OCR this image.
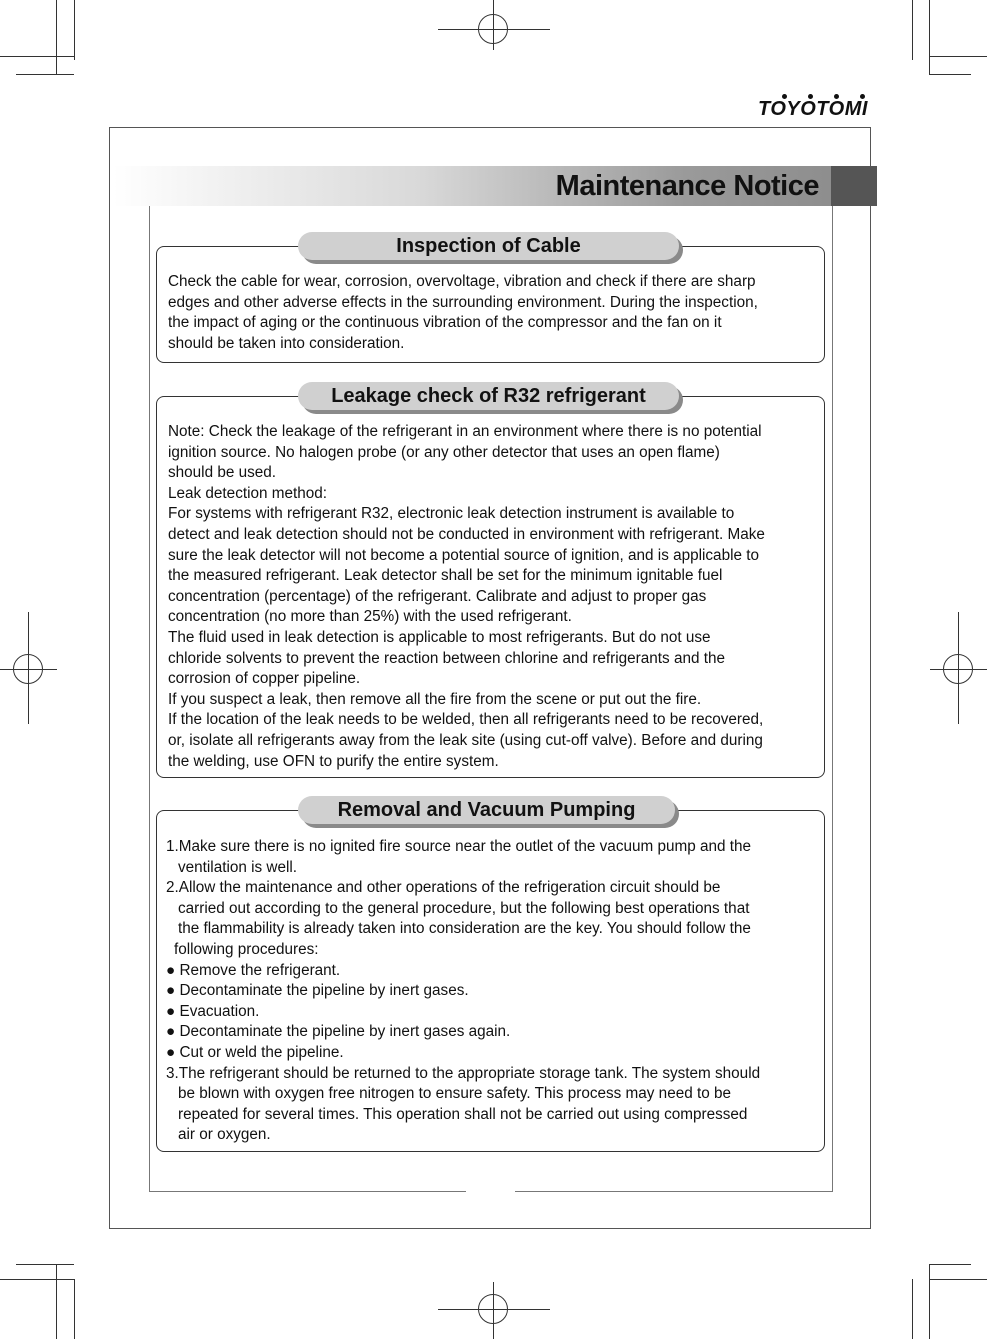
TOYOTOMI
Maintenance Notice
Inspection of Cable
Check the cable for wear, corrosion, overvoltage, vibration and check if there are sharp
edges and other adverse effects in the surrounding environment. During the inspection,
the impact of aging or the continuous vibration of the compressor and the fan on it
should be taken into consideration.
Leakage check of R32 refrigerant
Note: Check the leakage of the refrigerant in an environment where there is no potential
ignition source. No halogen probe (or any other detector that uses an open flame)
should be used.
Leak detection method:
For systems with refrigerant R32, electronic leak detection instrument is available to
detect and leak detection should not be conducted in environment with refrigerant. Make
sure the leak detector will not become a potential source of ignition, and is applicable to
the measured refrigerant. Leak detector shall be set for the minimum ignitable fuel
concentration (percentage) of the refrigerant. Calibrate and adjust to proper gas
concentration (no more than 25%) with the used refrigerant.
The fluid used in leak detection is applicable to most refrigerants. But do not use
chloride solvents to prevent the reaction between chlorine and refrigerants and the
corrosion of copper pipeline.
If you suspect a leak, then remove all the fire from the scene or put out the fire.
If the location of the leak needs to be welded, then all refrigerants need to be recovered,
or, isolate all refrigerants away from the leak site (using cut-off valve). Before and during
the welding, use OFN to purify the entire system.
Removal and Vacuum Pumping
1.Make sure there is no ignited fire source near the outlet of the vacuum pump and the
ventilation is well.
2.Allow the maintenance and other operations of the refrigeration circuit should be
carried out according to the general procedure, but the following best operations that
the flammability is already taken into consideration are the key. You should follow the
following procedures:
● Remove the refrigerant.
● Decontaminate the pipeline by inert gases.
● Evacuation.
● Decontaminate the pipeline by inert gases again.
● Cut or weld the pipeline.
3.The refrigerant should be returned to the appropriate storage tank. The system should
be blown with oxygen free nitrogen to ensure safety. This process may need to be
repeated for several times. This operation shall not be carried out using compressed
air or oxygen.
